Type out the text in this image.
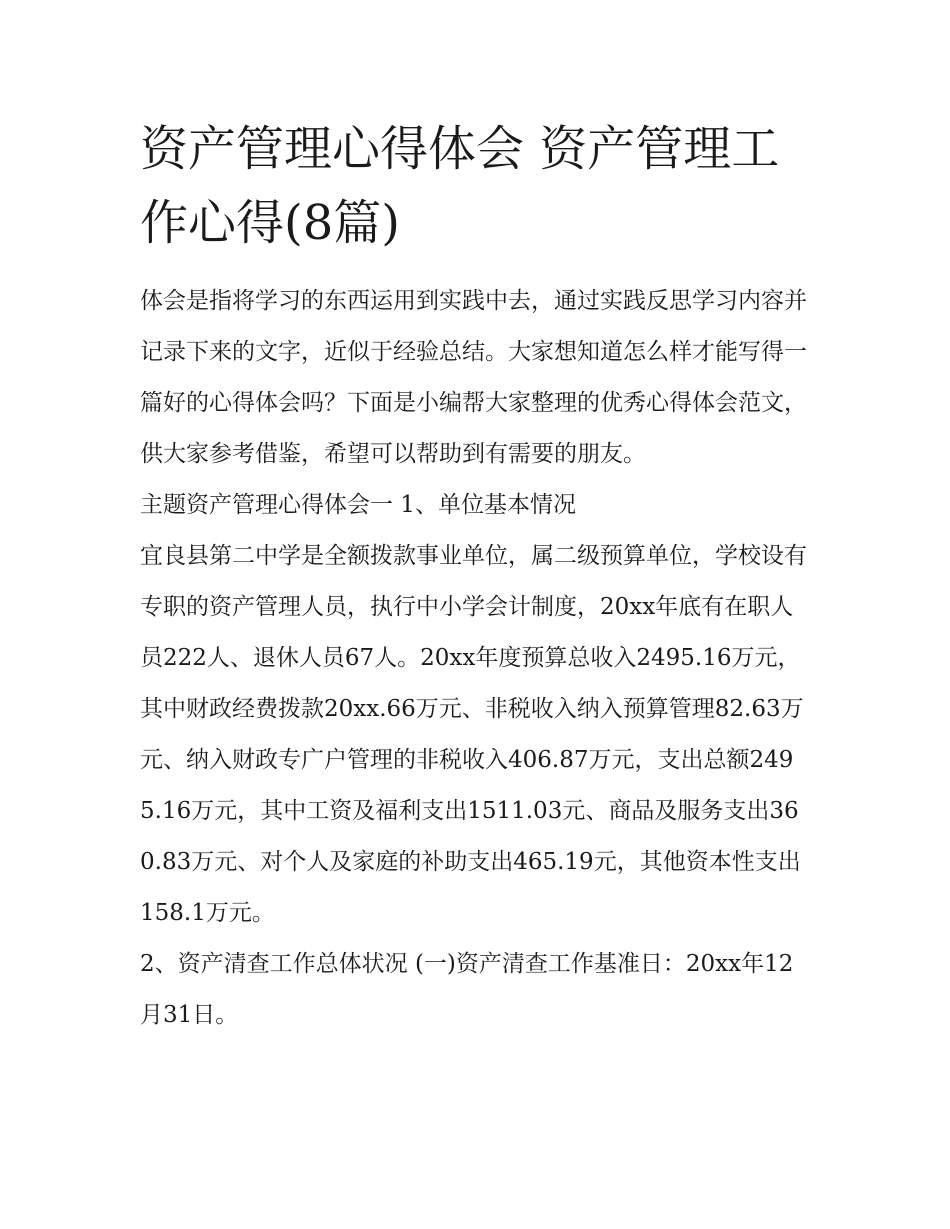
资产管理心得体会 资产管理工作心得(8篇)

体会是指将学习的东西运用到实践中去，通过实践反思学习内容并记录下来的文字，近似于经验总结。大家想知道怎么样才能写得一篇好的心得体会吗？下面是小编帮大家整理的优秀心得体会范文，供大家参考借鉴，希望可以帮助到有需要的朋友。

主题资产管理心得体会一 1、单位基本情况

宜良县第二中学是全额拨款事业单位，属二级预算单位，学校设有专职的资产管理人员，执行中小学会计制度，20xx年底有在职人员222人、退休人员67人。20xx年度预算总收入2495.16万元，其中财政经费拨款20xx.66万元、非税收入纳入预算管理82.63万元、纳入财政专广户管理的非税收入406.87万元，支出总额2495.16万元，其中工资及福利支出1511.03元、商品及服务支出360.83万元、对个人及家庭的补助支出465.19元，其他资本性支出158.1万元。

2、资产清查工作总体状况 (一)资产清查工作基准日：20xx年12月31日。
